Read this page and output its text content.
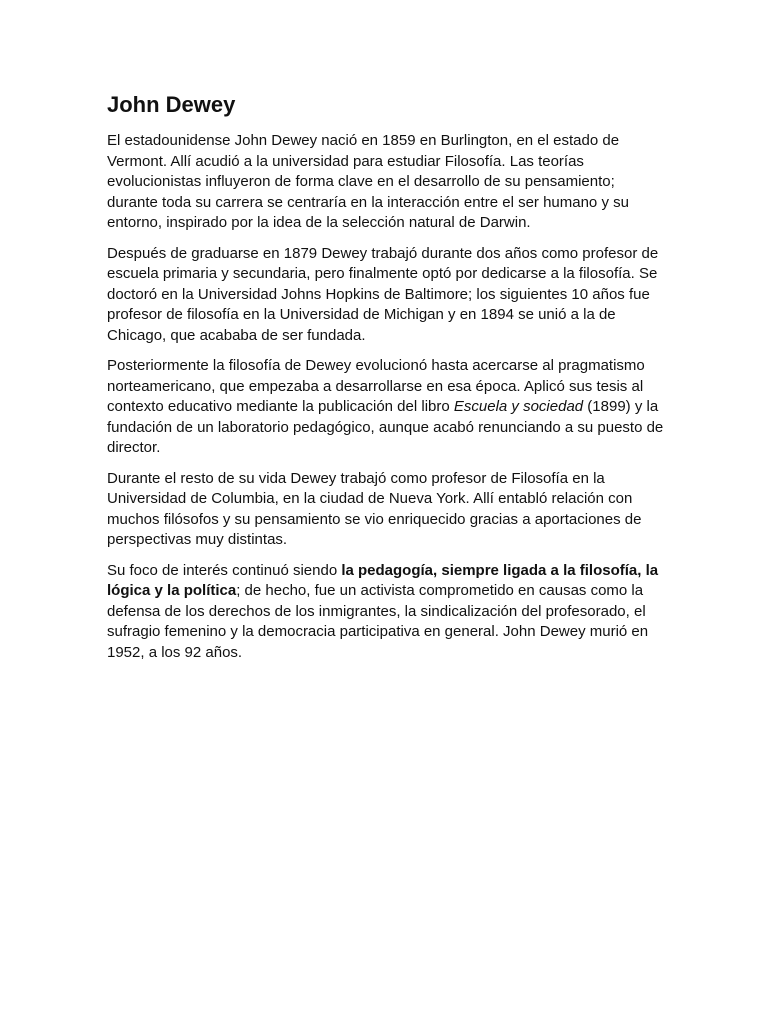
John Dewey

El estadounidense John Dewey nació en 1859 en Burlington, en el estado de Vermont. Allí acudió a la universidad para estudiar Filosofía. Las teorías evolucionistas influyeron de forma clave en el desarrollo de su pensamiento; durante toda su carrera se centraría en la interacción entre el ser humano y su entorno, inspirado por la idea de la selección natural de Darwin.

Después de graduarse en 1879 Dewey trabajó durante dos años como profesor de escuela primaria y secundaria, pero finalmente optó por dedicarse a la filosofía. Se doctoró en la Universidad Johns Hopkins de Baltimore; los siguientes 10 años fue profesor de filosofía en la Universidad de Michigan y en 1894 se unió a la de Chicago, que acababa de ser fundada.

Posteriormente la filosofía de Dewey evolucionó hasta acercarse al pragmatismo norteamericano, que empezaba a desarrollarse en esa época. Aplicó sus tesis al contexto educativo mediante la publicación del libro Escuela y sociedad (1899) y la fundación de un laboratorio pedagógico, aunque acabó renunciando a su puesto de director.

Durante el resto de su vida Dewey trabajó como profesor de Filosofía en la Universidad de Columbia, en la ciudad de Nueva York. Allí entabló relación con muchos filósofos y su pensamiento se vio enriquecido gracias a aportaciones de perspectivas muy distintas.

Su foco de interés continuó siendo la pedagogía, siempre ligada a la filosofía, la lógica y la política; de hecho, fue un activista comprometido en causas como la defensa de los derechos de los inmigrantes, la sindicalización del profesorado, el sufragio femenino y la democracia participativa en general. John Dewey murió en 1952, a los 92 años.
